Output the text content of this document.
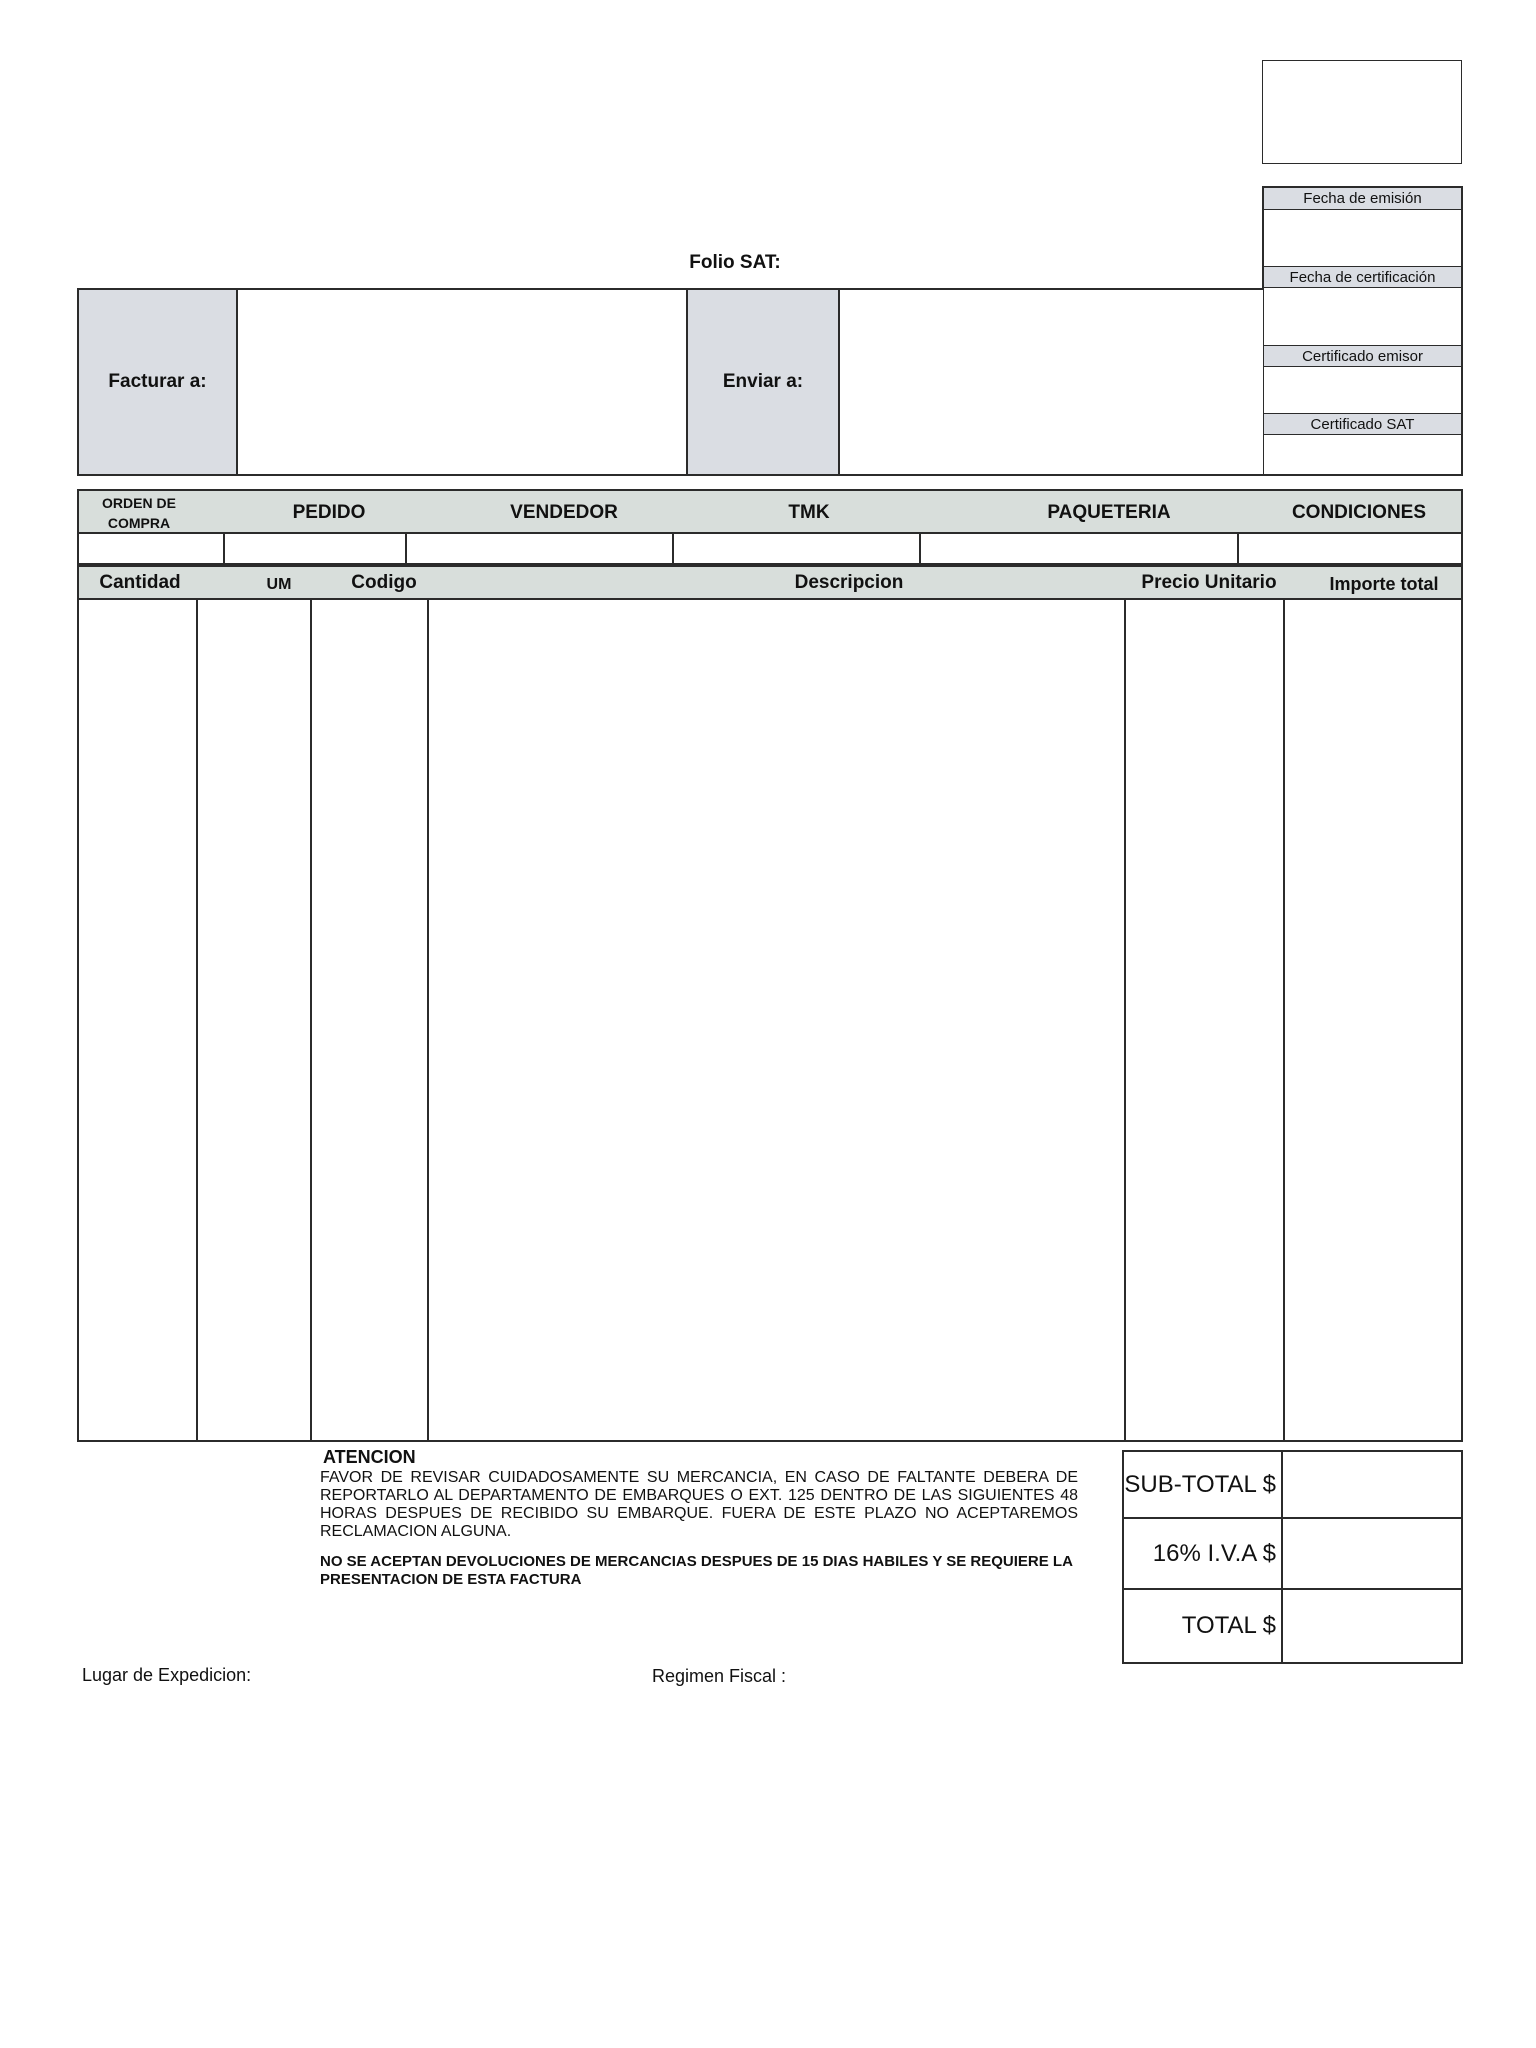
Fecha de emisión
Fecha de certificación
Certificado emisor
Certificado SAT
Folio SAT:
Facturar a:	Enviar a:
ORDEN DE
COMPRA	PEDIDO	VENDEDOR	TMK	PAQUETERIA	CONDICIONES
Cantidad	UM	Codigo	Descripcion	Precio Unitario	Importe total
ATENCION
FAVOR DE REVISAR CUIDADOSAMENTE SU MERCANCIA, EN CASO DE FALTANTE DEBERA DE REPORTARLO AL DEPARTAMENTO DE EMBARQUES O EXT. 125 DENTRO DE LAS SIGUIENTES 48 HORAS DESPUES DE RECIBIDO SU EMBARQUE. FUERA DE ESTE PLAZO NO ACEPTAREMOS RECLAMACION ALGUNA.
NO SE ACEPTAN DEVOLUCIONES DE MERCANCIAS DESPUES DE 15 DIAS HABILES Y SE REQUIERE LA PRESENTACION DE ESTA FACTURA
SUB-TOTAL $
16% I.V.A $
TOTAL $
Lugar de Expedicion:	Regimen Fiscal :
